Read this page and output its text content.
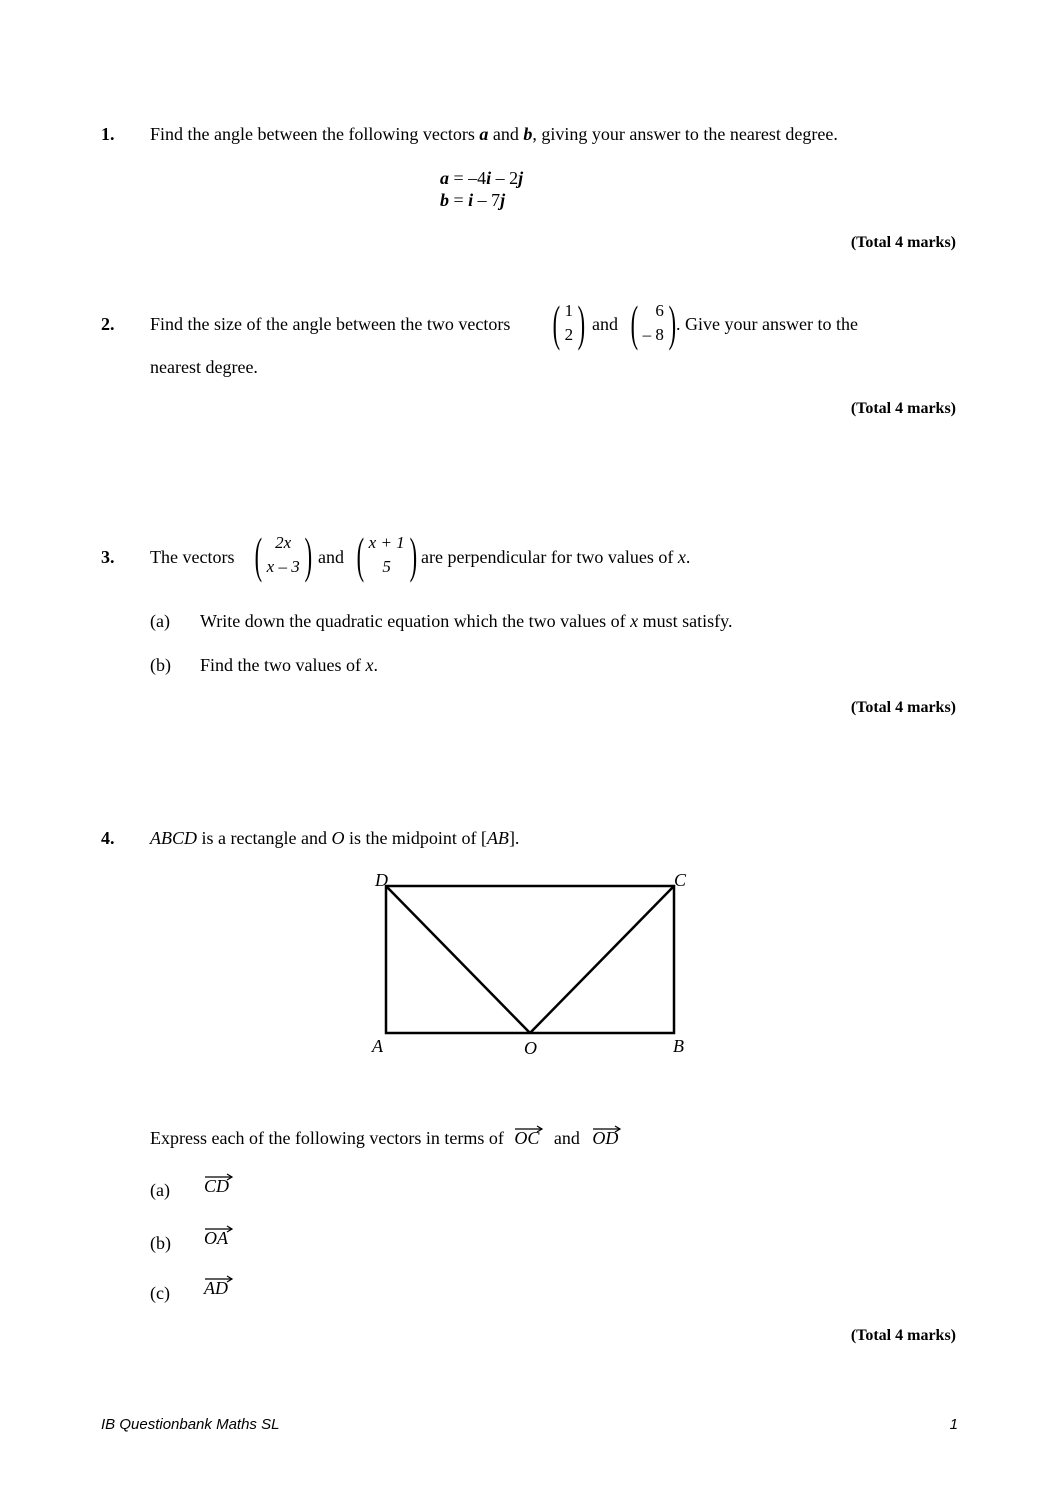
1. Find the angle between the following vectors a and b, giving your answer to the nearest degree.
a = –4i – 2j
b = i – 7j
(Total 4 marks)
2. Find the size of the angle between the two vectors ( 1
2 ) and ( 6
– 8 ) . Give your answer to the
nearest degree.
(Total 4 marks)
3. The vectors ( 2x
x – 3 ) and ( x + 1
5 ) are perpendicular for two values of x.
(a) Write down the quadratic equation which the two values of x must satisfy.
(b) Find the two values of x.
(Total 4 marks)
4. ABCD is a rectangle and O is the midpoint of [AB].
D	C
A	O	B
Express each of the following vectors in terms of
OC and OD
(a) CD
(b) OA
(c) AD
(Total 4 marks)
IB Questionbank Maths SL	1
